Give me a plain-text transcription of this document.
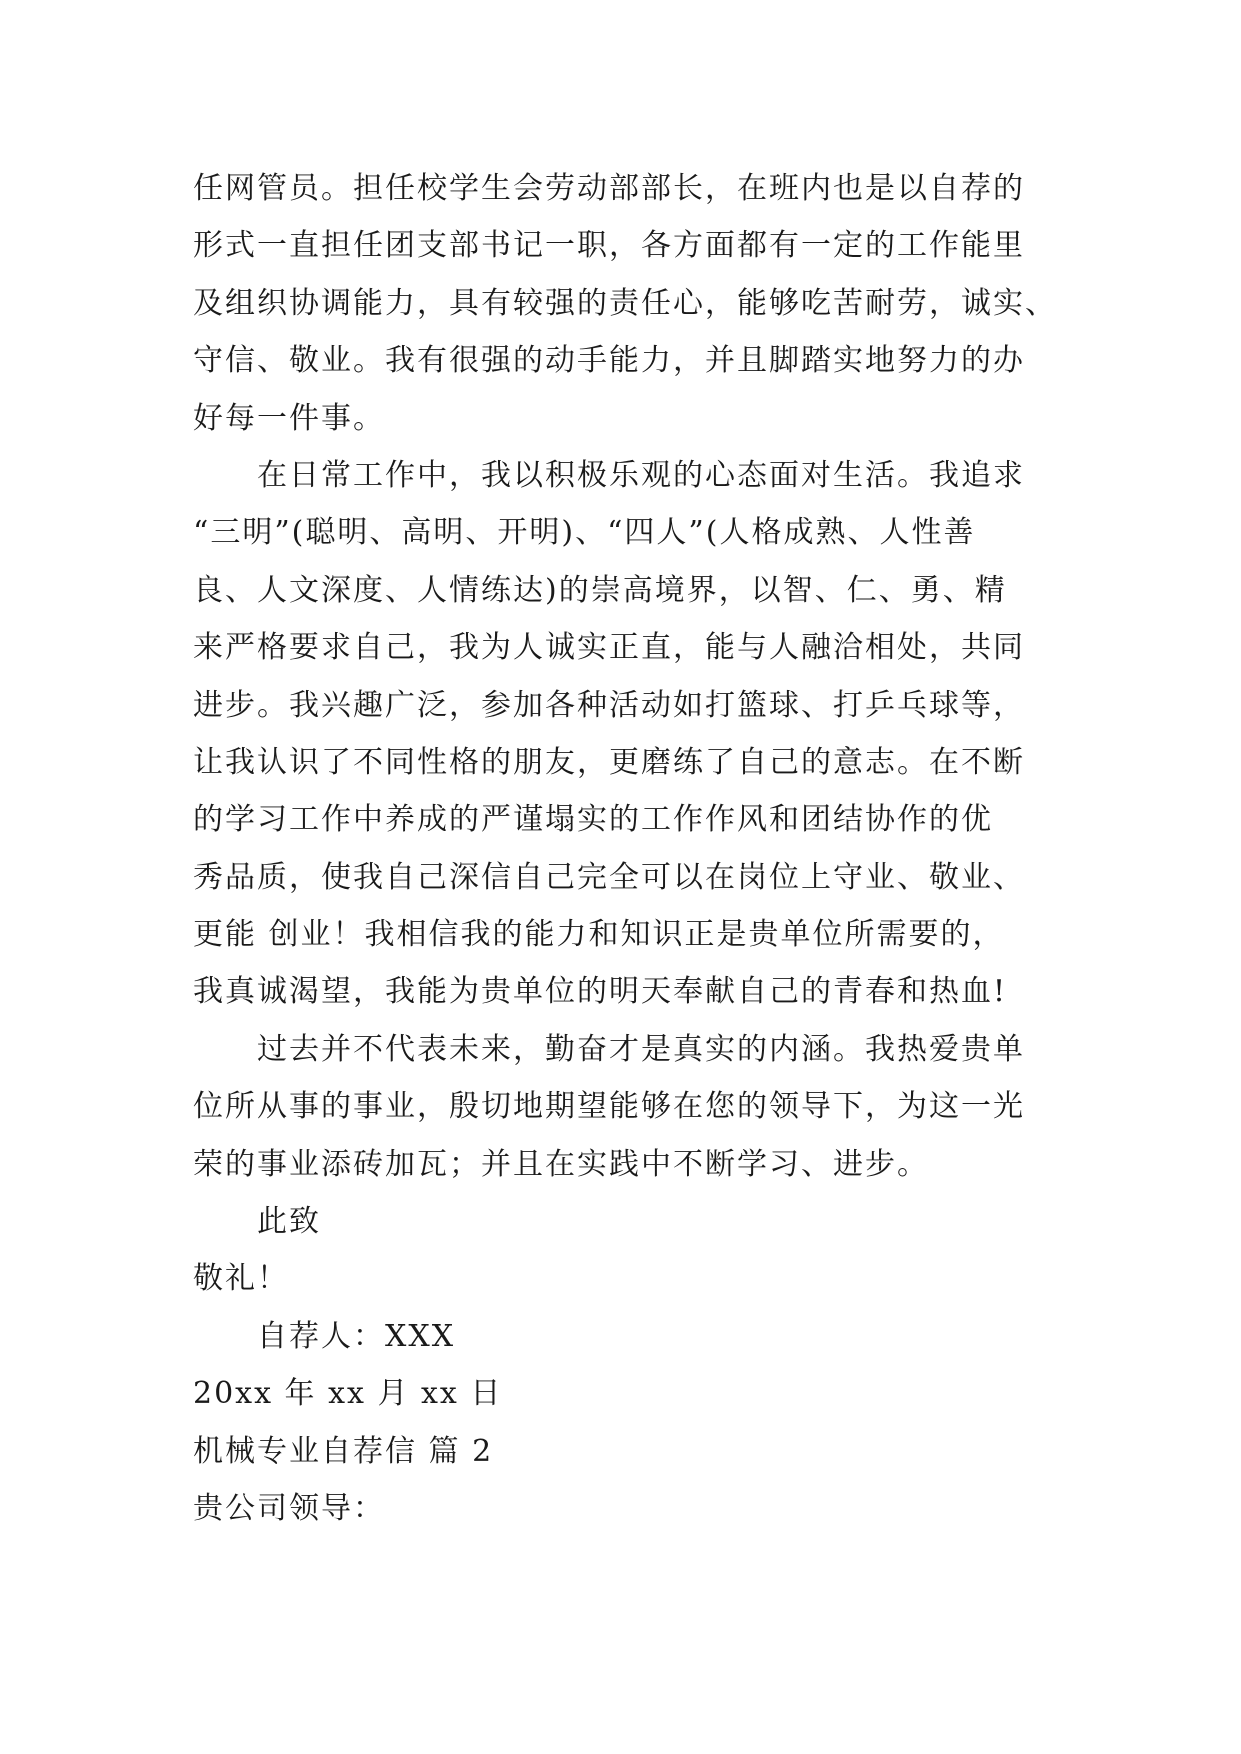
任网管员。担任校学生会劳动部部长，在班内也是以自荐的
形式一直担任团支部书记一职，各方面都有一定的工作能里
及组织协调能力，具有较强的责任心，能够吃苦耐劳，诚实、
守信、敬业。我有很强的动手能力，并且脚踏实地努力的办
好每一件事。
　　在日常工作中，我以积极乐观的心态面对生活。我追求
“三明”(聪明、高明、开明)、“四人”(人格成熟、人性善
良、人文深度、人情练达)的崇高境界，以智、仁、勇、精
来严格要求自己，我为人诚实正直，能与人融洽相处，共同
进步。我兴趣广泛，参加各种活动如打篮球、打乒乓球等，
让我认识了不同性格的朋友，更磨练了自己的意志。在不断
的学习工作中养成的严谨塌实的工作作风和团结协作的优
秀品质，使我自己深信自己完全可以在岗位上守业、敬业、
更能 创业！我相信我的能力和知识正是贵单位所需要的，
我真诚渴望，我能为贵单位的明天奉献自己的青春和热血!
　　过去并不代表未来，勤奋才是真实的内涵。我热爱贵单
位所从事的事业，殷切地期望能够在您的领导下，为这一光
荣的事业添砖加瓦；并且在实践中不断学习、进步。
　　此致
敬礼！
　　自荐人：XXX
20xx 年 xx 月 xx 日
机械专业自荐信 篇 2
贵公司领导：
